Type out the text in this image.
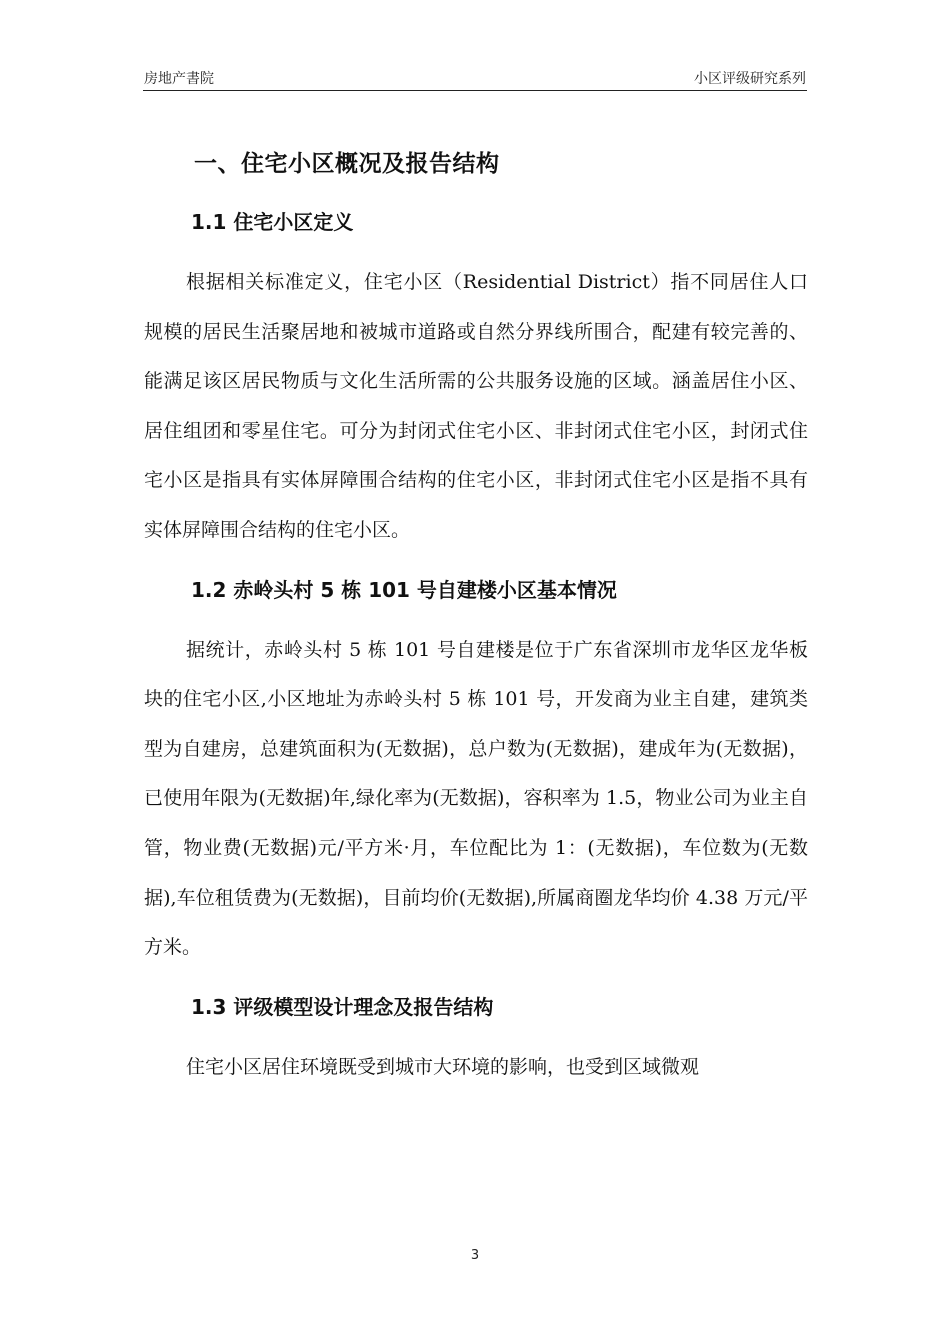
房地产書院	小区评级研究系列
一、住宅小区概况及报告结构
1.1 住宅小区定义

根据相关标准定义，住宅小区（Residential District）指不同居住人口规模的居民生活聚居地和被城市道路或自然分界线所围合，配建有较完善的、能满足该区居民物质与文化生活所需的公共服务设施的区域。涵盖居住小区、居住组团和零星住宅。可分为封闭式住宅小区、非封闭式住宅小区，封闭式住宅小区是指具有实体屏障围合结构的住宅小区，非封闭式住宅小区是指不具有实体屏障围合结构的住宅小区。

1.2 赤岭头村 5 栋 101 号自建楼小区基本情况

据统计，赤岭头村 5 栋 101 号自建楼是位于广东省深圳市龙华区龙华板块的住宅小区,小区地址为赤岭头村 5 栋 101 号，开发商为业主自建，建筑类型为自建房，总建筑面积为(无数据)，总户数为(无数据)，建成年为(无数据)，已使用年限为(无数据)年,绿化率为(无数据)，容积率为 1.5，物业公司为业主自管，物业费(无数据)元/平方米·月，车位配比为 1：(无数据)，车位数为(无数据),车位租赁费为(无数据)，目前均价(无数据),所属商圈龙华均价 4.38 万元/平方米。

1.3 评级模型设计理念及报告结构

住宅小区居住环境既受到城市大环境的影响，也受到区域微观

3
